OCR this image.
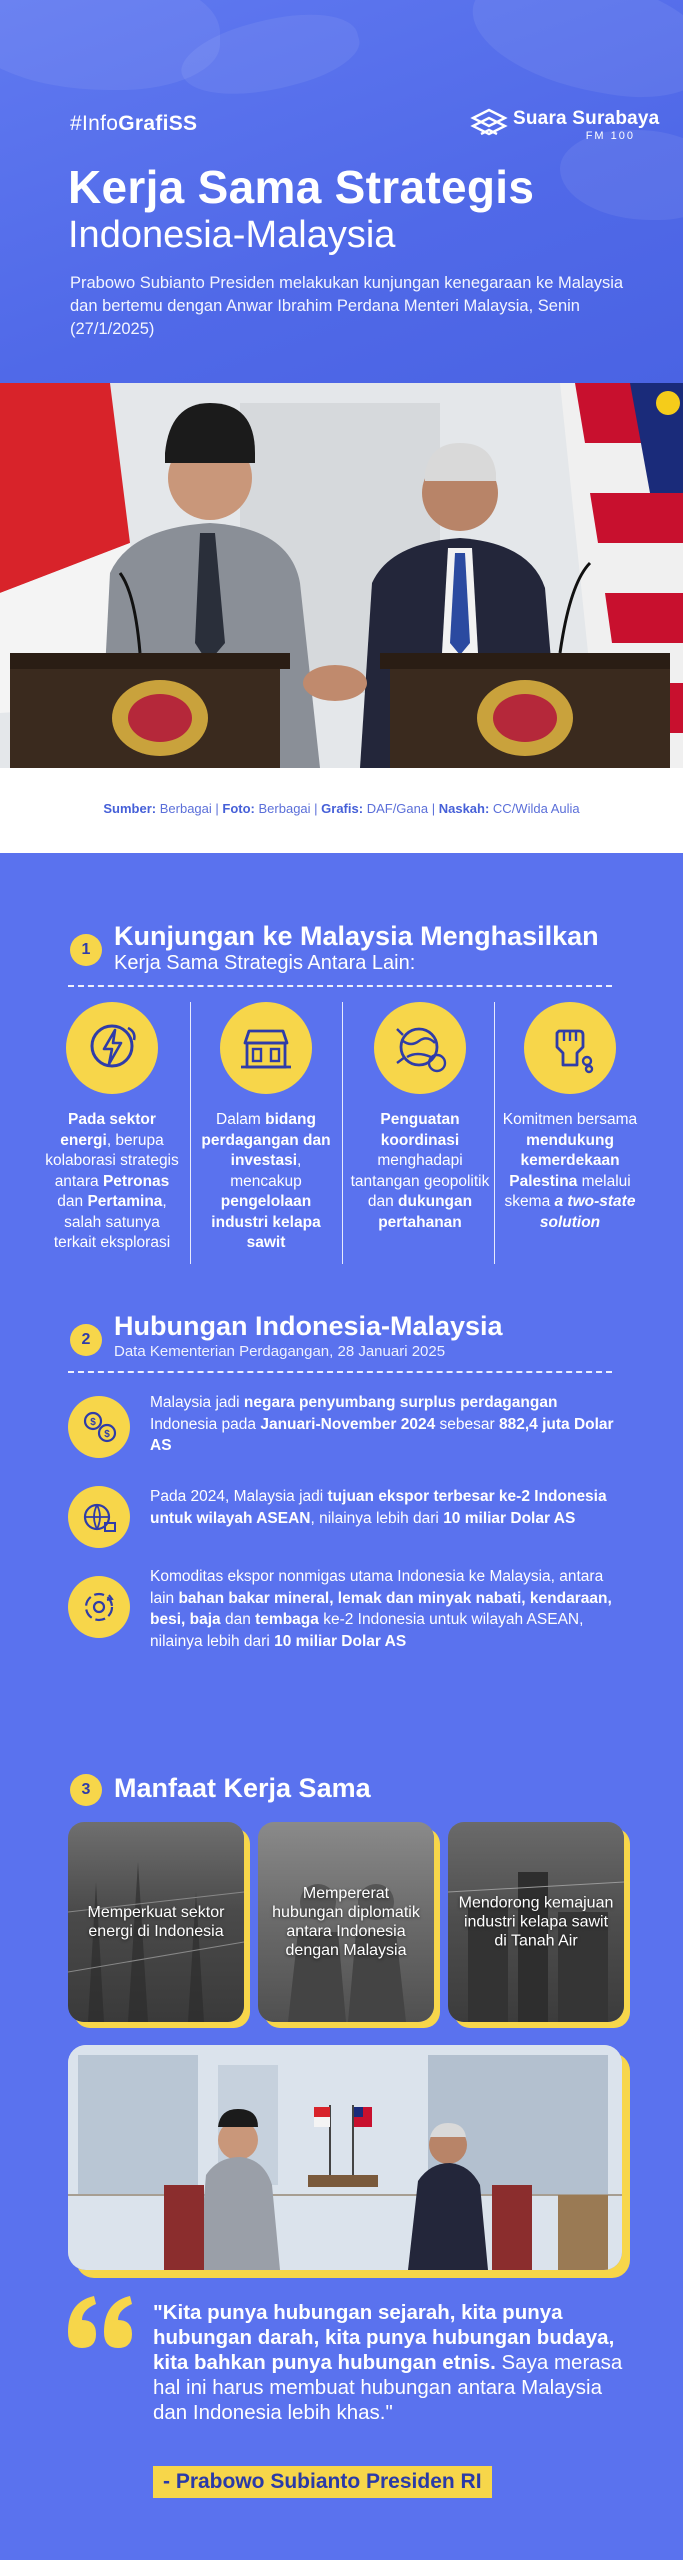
#InfoGrafiSS	Suara Surabaya
FM 100
Kerja Sama Strategis
Indonesia-Malaysia
Prabowo Subianto Presiden melakukan kunjungan kenegaraan ke Malaysia dan bertemu dengan Anwar Ibrahim Perdana Menteri Malaysia, Senin (27/1/2025)
Sumber: Berbagai | Foto: Berbagai | Grafis: DAF/Gana | Naskah: CC/Wilda Aulia
1 Kunjungan ke Malaysia Menghasilkan
Kerja Sama Strategis Antara Lain:
Pada sektor energi, berupa kolaborasi strategis antara Petronas dan Pertamina, salah satunya terkait eksplorasi
Dalam bidang perdagangan dan investasi, mencakup pengelolaan industri kelapa sawit
Penguatan koordinasi menghadapi tantangan geopolitik dan dukungan pertahanan
Komitmen bersama mendukung kemerdekaan Palestina melalui skema a two-state solution
2 Hubungan Indonesia-Malaysia
Data Kementerian Perdagangan, 28 Januari 2025
$
$
Malaysia jadi negara penyumbang surplus perdagangan Indonesia pada Januari-November 2024 sebesar 882,4 juta Dolar AS
Pada 2024, Malaysia jadi tujuan ekspor terbesar ke-2 Indonesia untuk wilayah ASEAN, nilainya lebih dari 10 miliar Dolar AS
Komoditas ekspor nonmigas utama Indonesia ke Malaysia, antara lain bahan bakar mineral, lemak dan minyak nabati, kendaraan, besi, baja dan tembaga ke-2 Indonesia untuk wilayah ASEAN, nilainya lebih dari 10 miliar Dolar AS
3 Manfaat Kerja Sama
Memperkuat sektor energi di Indonesia
Mempererat hubungan diplomatik antara Indonesia dengan Malaysia
Mendorong kemajuan industri kelapa sawit di Tanah Air
"Kita punya hubungan sejarah, kita punya hubungan darah, kita punya hubungan budaya, kita bahkan punya hubungan etnis. Saya merasa hal ini harus membuat hubungan antara Malaysia dan Indonesia lebih khas."
- Prabowo Subianto Presiden RI
